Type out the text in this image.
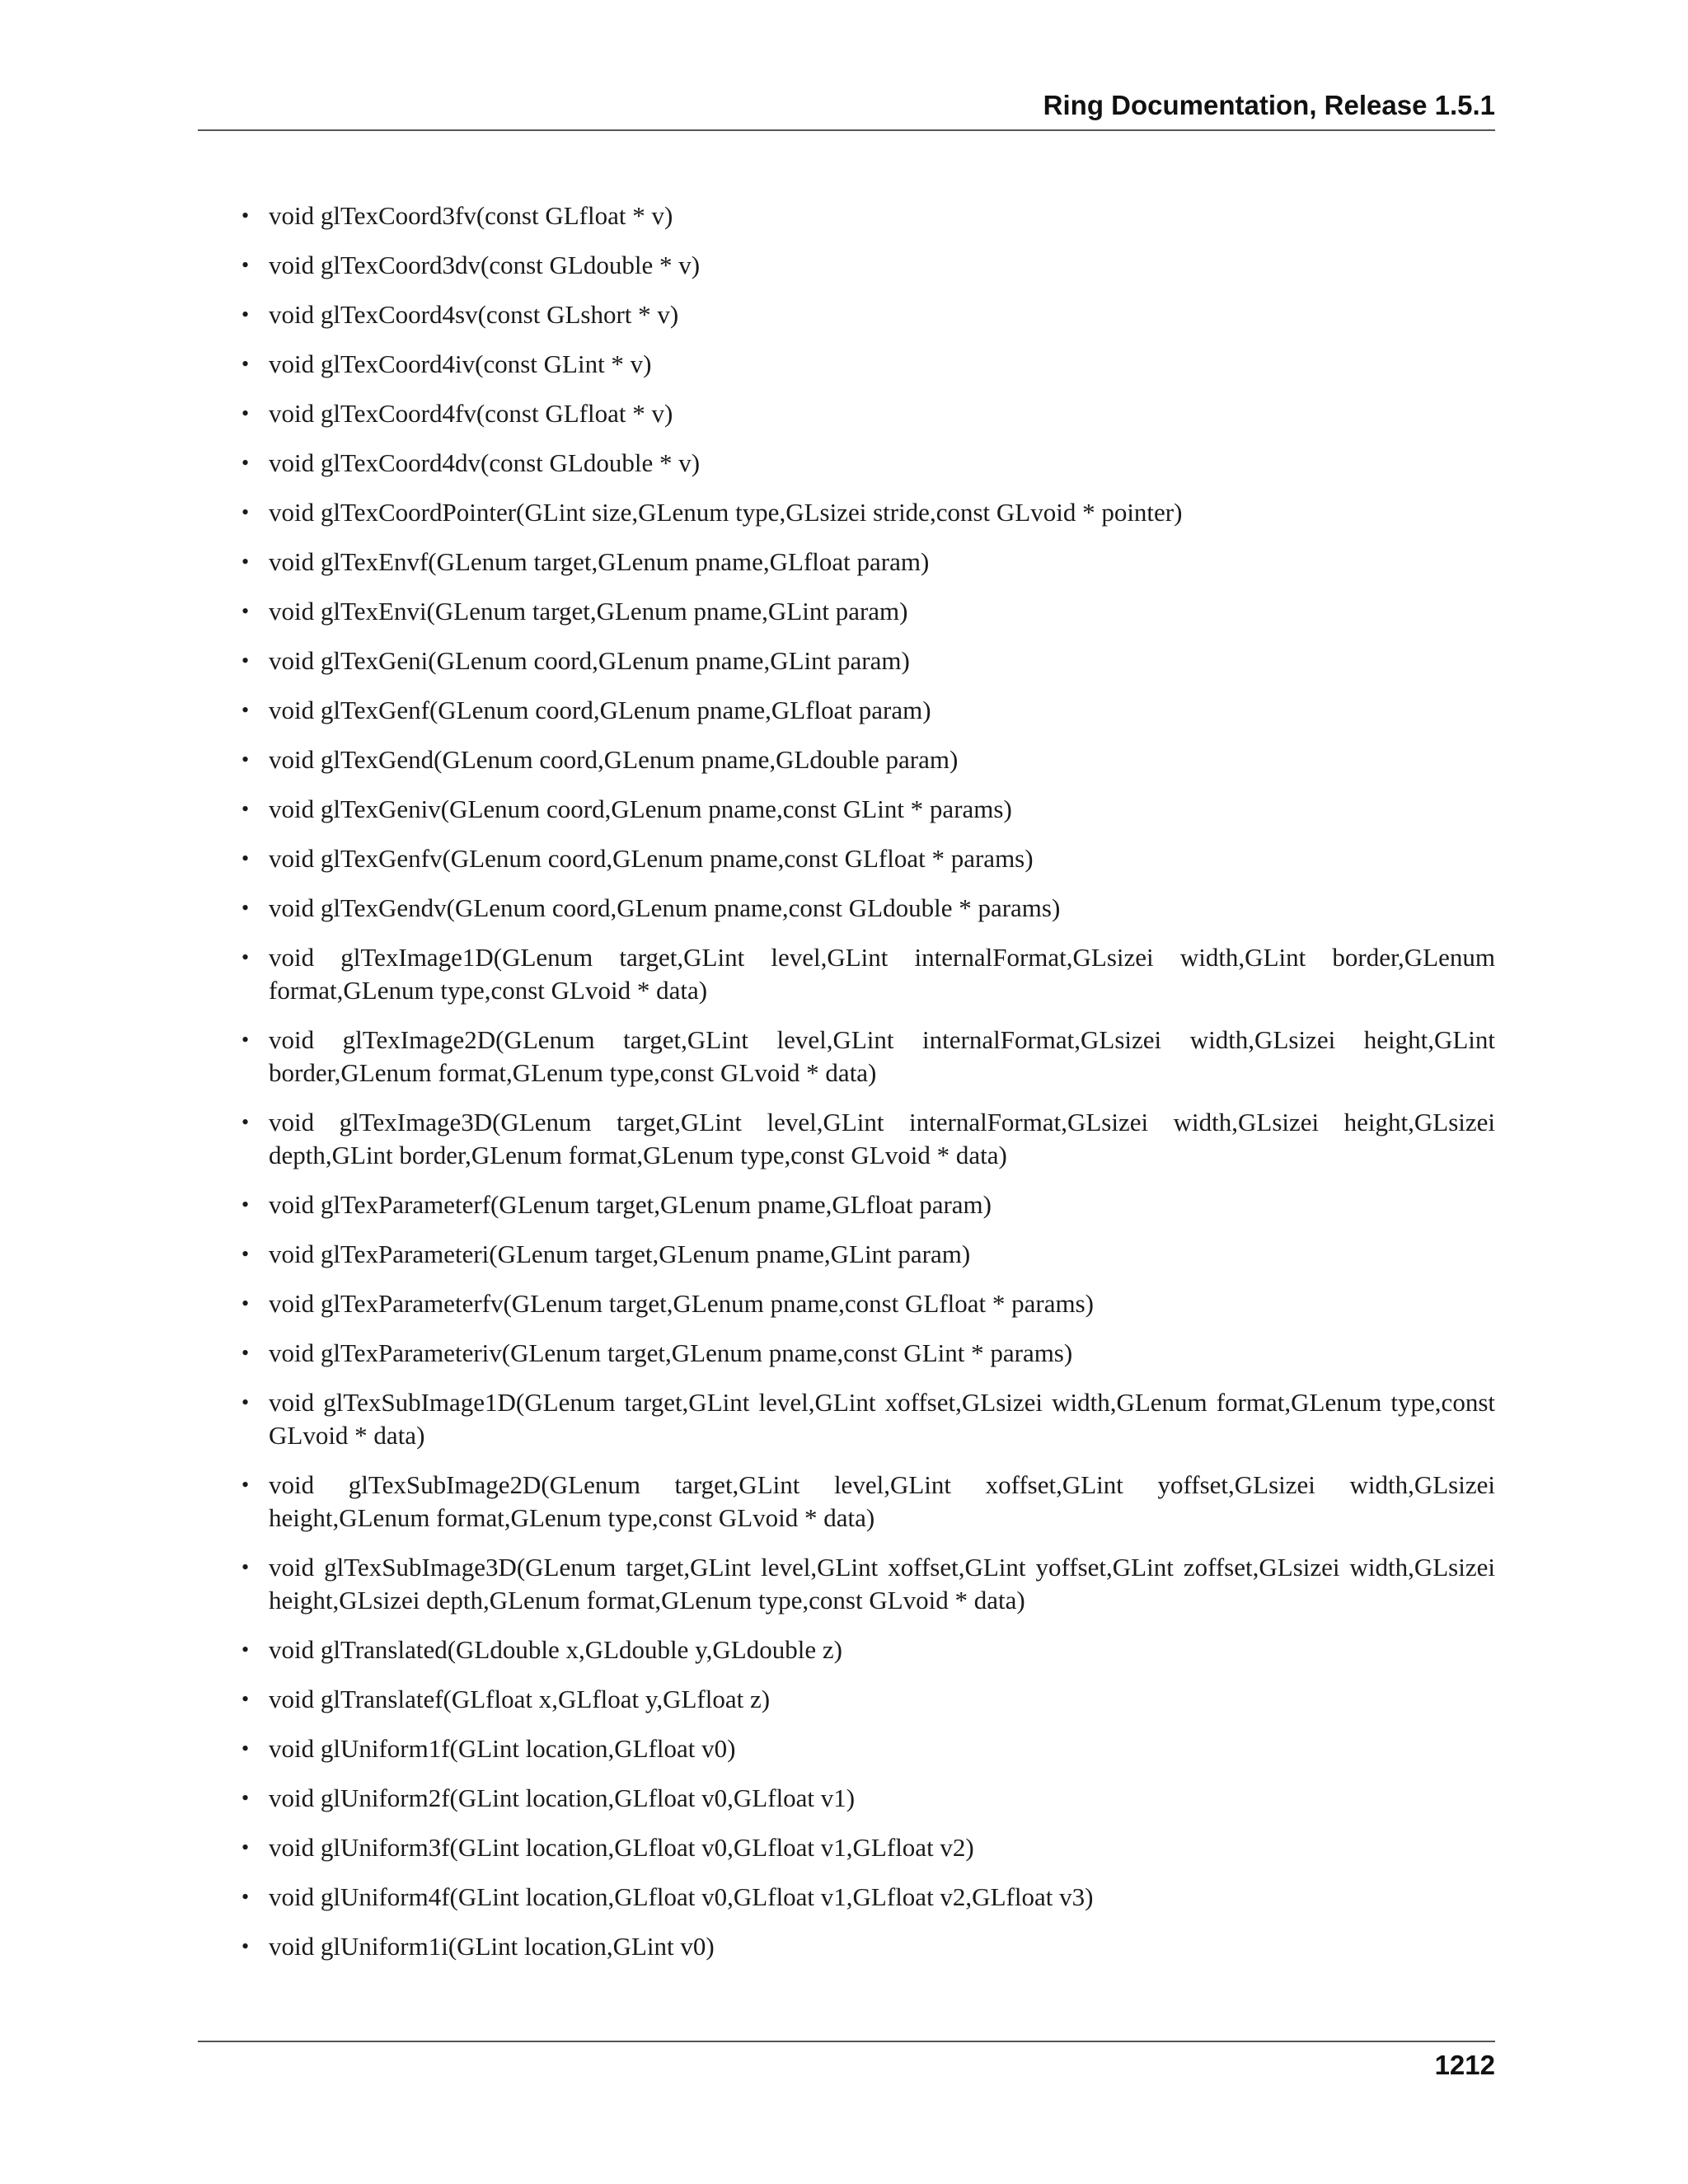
Ring Documentation, Release 1.5.1
• void glTexCoord3fv(const GLfloat * v)
• void glTexCoord3dv(const GLdouble * v)
• void glTexCoord4sv(const GLshort * v)
• void glTexCoord4iv(const GLint * v)
• void glTexCoord4fv(const GLfloat * v)
• void glTexCoord4dv(const GLdouble * v)
• void glTexCoordPointer(GLint size,GLenum type,GLsizei stride,const GLvoid * pointer)
• void glTexEnvf(GLenum target,GLenum pname,GLfloat param)
• void glTexEnvi(GLenum target,GLenum pname,GLint param)
• void glTexGeni(GLenum coord,GLenum pname,GLint param)
• void glTexGenf(GLenum coord,GLenum pname,GLfloat param)
• void glTexGend(GLenum coord,GLenum pname,GLdouble param)
• void glTexGeniv(GLenum coord,GLenum pname,const GLint * params)
• void glTexGenfv(GLenum coord,GLenum pname,const GLfloat * params)
• void glTexGendv(GLenum coord,GLenum pname,const GLdouble * params)
• void glTexImage1D(GLenum target,GLint level,GLint internalFormat,GLsizei width,GLint border,GLenum format,GLenum type,const GLvoid * data)
• void glTexImage2D(GLenum target,GLint level,GLint internalFormat,GLsizei width,GLsizei height,GLint border,GLenum format,GLenum type,const GLvoid * data)
• void glTexImage3D(GLenum target,GLint level,GLint internalFormat,GLsizei width,GLsizei height,GLsizei depth,GLint border,GLenum format,GLenum type,const GLvoid * data)
• void glTexParameterf(GLenum target,GLenum pname,GLfloat param)
• void glTexParameteri(GLenum target,GLenum pname,GLint param)
• void glTexParameterfv(GLenum target,GLenum pname,const GLfloat * params)
• void glTexParameteriv(GLenum target,GLenum pname,const GLint * params)
• void glTexSubImage1D(GLenum target,GLint level,GLint xoffset,GLsizei width,GLenum format,GLenum type,const GLvoid * data)
• void glTexSubImage2D(GLenum target,GLint level,GLint xoffset,GLint yoffset,GLsizei width,GLsizei height,GLenum format,GLenum type,const GLvoid * data)
• void glTexSubImage3D(GLenum target,GLint level,GLint xoffset,GLint yoffset,GLint zoffset,GLsizei width,GLsizei height,GLsizei depth,GLenum format,GLenum type,const GLvoid * data)
• void glTranslated(GLdouble x,GLdouble y,GLdouble z)
• void glTranslatef(GLfloat x,GLfloat y,GLfloat z)
• void glUniform1f(GLint location,GLfloat v0)
• void glUniform2f(GLint location,GLfloat v0,GLfloat v1)
• void glUniform3f(GLint location,GLfloat v0,GLfloat v1,GLfloat v2)
• void glUniform4f(GLint location,GLfloat v0,GLfloat v1,GLfloat v2,GLfloat v3)
• void glUniform1i(GLint location,GLint v0)
1212
